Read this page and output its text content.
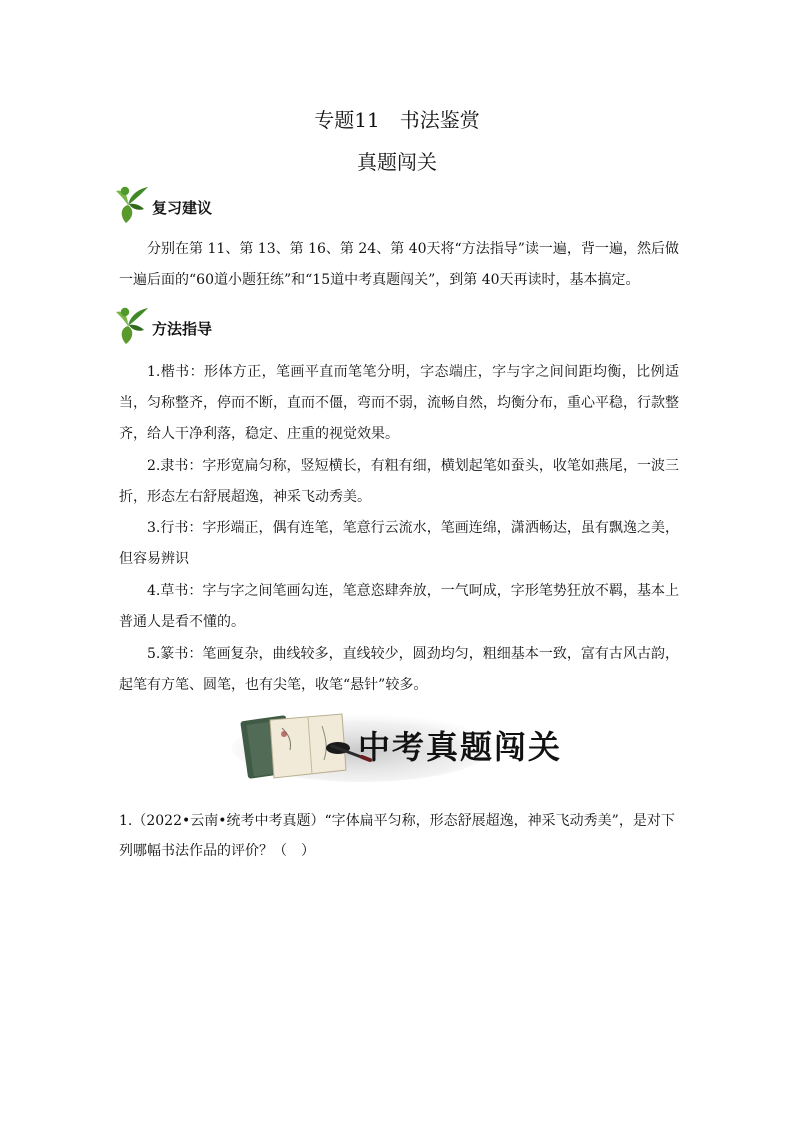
专题11　书法鉴赏
真题闯关
复习建议
分别在第 11、第 13、第 16、第 24、第 40天将“方法指导”读一遍，背一遍，然后做一遍后面的“60道小题狂练”和“15道中考真题闯关”，到第 40天再读时，基本搞定。
方法指导
1.楷书：形体方正，笔画平直而笔笔分明，字态端庄，字与字之间间距均衡，比例适当，匀称整齐，停而不断，直而不僵，弯而不弱，流畅自然，均衡分布，重心平稳，行款整齐，给人干净利落，稳定、庄重的视觉效果。
2.隶书：字形宽扁匀称，竖短横长，有粗有细，横划起笔如蚕头，收笔如燕尾，一波三折，形态左右舒展超逸，神采飞动秀美。
3.行书：字形端正，偶有连笔，笔意行云流水，笔画连绵，潇洒畅达，虽有飘逸之美，但容易辨识
4.草书：字与字之间笔画勾连，笔意恣肆奔放，一气呵成，字形笔势狂放不羁，基本上普通人是看不懂的。
5.篆书：笔画复杂，曲线较多，直线较少，圆劲均匀，粗细基本一致，富有古风古韵，起笔有方笔、圆笔，也有尖笔，收笔“悬针”较多。
中考真题闯关
1.（2022•云南•统考中考真题）“字体扁平匀称，形态舒展超逸，神采飞动秀美”，是对下列哪幅书法作品的评价？（　）
